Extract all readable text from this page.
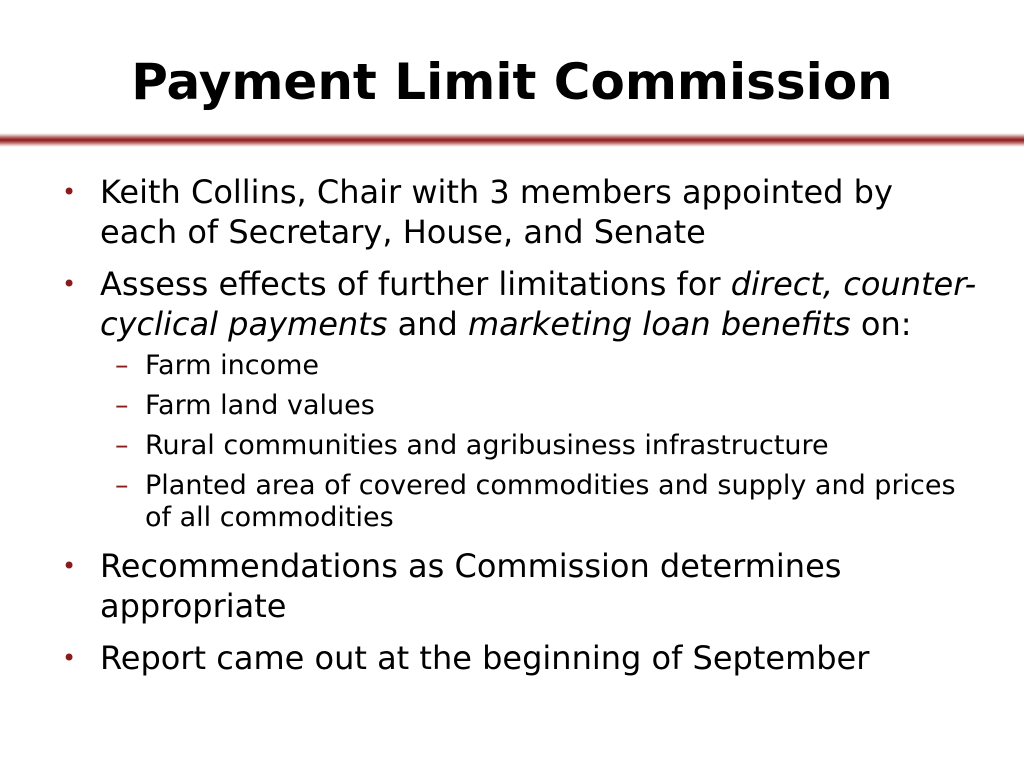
Payment Limit Commission
• Keith Collins, Chair with 3 members appointed by each of Secretary, House, and Senate
• Assess effects of further limitations for direct, counter-cyclical payments and marketing loan benefits on:
– Farm income
– Farm land values
– Rural communities and agribusiness infrastructure
– Planted area of covered commodities and supply and prices of all commodities
• Recommendations as Commission determines appropriate
• Report came out at the beginning of September
